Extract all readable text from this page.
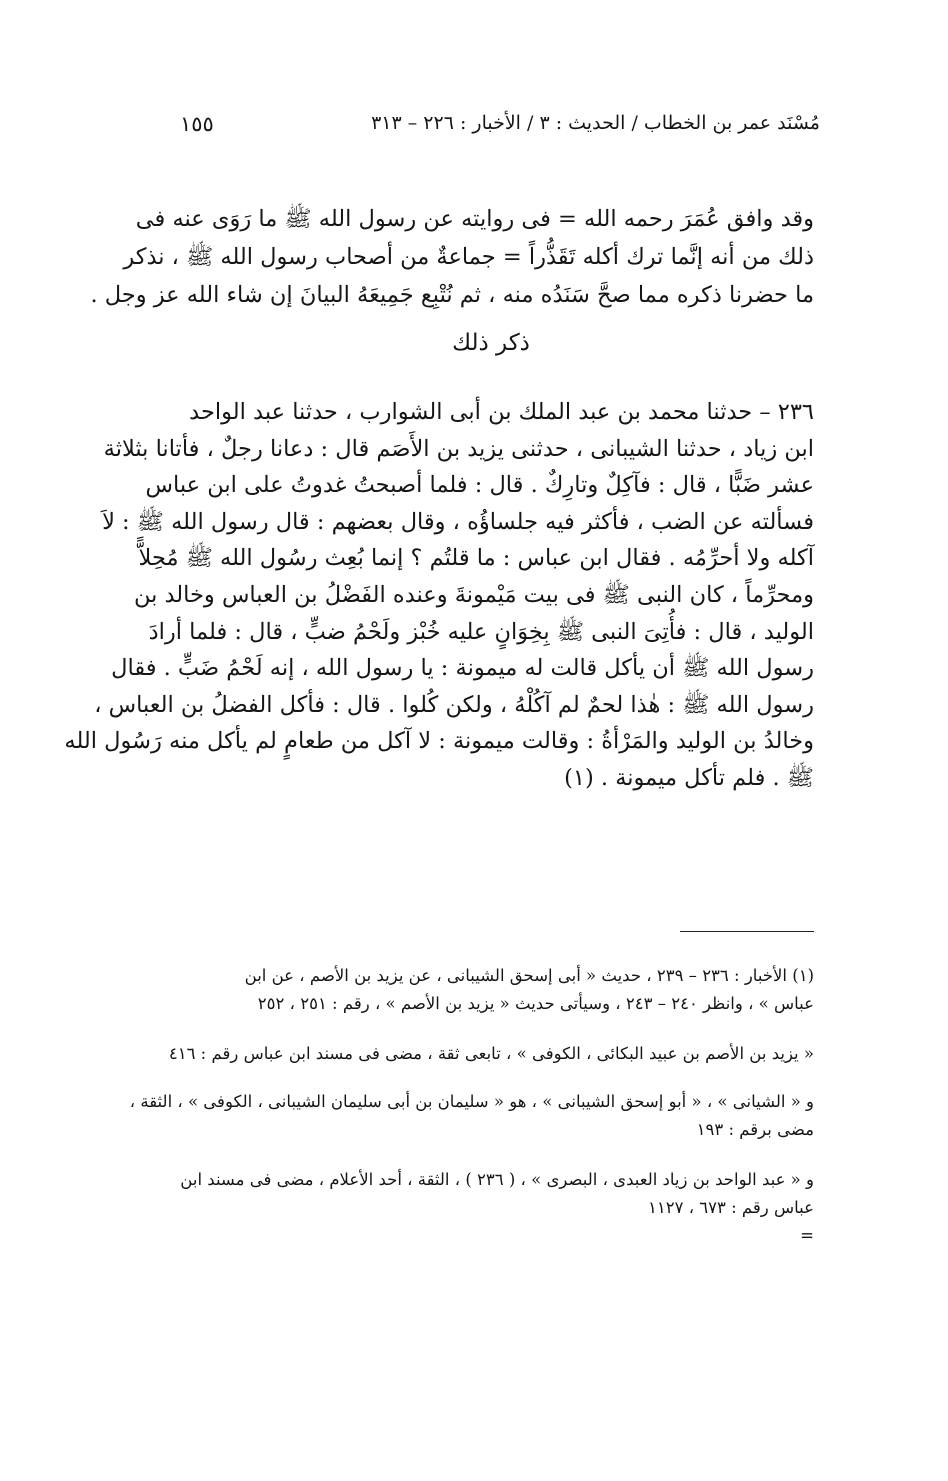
مُسْنَد عمر بن الخطاب / الحديث : ٣ / الأخبار : ٢٢٦ – ٣١٣
١٥٥
وقد وافق عُمَرَ رحمه الله = فى روايته عن رسول الله ﷺ ما رَوَى عنه فى
ذلك من أنه إنَّما ترك أكله تَقَذُّراً = جماعةٌ من أصحاب رسول الله ﷺ ، نذكر
ما حضرنا ذكره مما صحَّ سَنَدُه منه ، ثم نُتْبِع جَمِيعَهُ البيانَ إن شاء الله عز وجل .
ذكر ذلك
٢٣٦ – حدثنا محمد بن عبد الملك بن أبى الشوارب ، حدثنا عبد الواحد
ابن زياد ، حدثنا الشيبانى ، حدثنى يزيد بن الأَصَم قال : دعانا رجلٌ ، فأتانا بثلاثة
عشر ضَبًّا ، قال : فآكِلٌ وتارِكٌ . قال : فلما أصبحتُ غدوتُ على ابن عباس
فسألته عن الضب ، فأكثر فيه جلساؤُه ، وقال بعضهم : قال رسول الله ﷺ : لاَ
آكله ولا أحرِّمُه . فقال ابن عباس : ما قلتُم ؟ إنما بُعِث رسُول الله ﷺ مُحِلاًّ
ومحرِّماً ، كان النبى ﷺ فى بيت مَيْمونةَ وعنده الفَضْلُ بن العباس وخالد بن
الوليد ، قال : فأُتِىَ النبى ﷺ بِخِوَانٍ عليه خُبْز ولَحْمُ ضبٍّ ، قال : فلما أرادَ
رسول الله ﷺ أن يأكل قالت له ميمونة : يا رسول الله ، إنه لَحْمُ ضَبٍّ . فقال
رسول الله ﷺ : هٰذا لحمٌ لم آكُلْهُ ، ولكن كُلوا . قال : فأكل الفضلُ بن العباس ،
وخالدُ بن الوليد والمَرْأةُ : وقالت ميمونة : لا آكل من طعامٍ لم يأكل منه رَسُول الله
ﷺ . فلم تأكل ميمونة . (١)
(١) الأخبار : ٢٣٦ – ٢٣٩ ، حديث « أبى إسحق الشيبانى ، عن يزيد بن الأصم ، عن ابن
عباس » ، وانظر ٢٤٠ – ٢٤٣ ، وسيأتى حديث « يزيد بن الأصم » ، رقم : ٢٥١ ، ٢٥٢
« يزيد بن الأصم بن عبيد البكائى ، الكوفى » ، تابعى ثقة ، مضى فى مسند ابن عباس رقم : ٤١٦
و « الشيانى » ، « أبو إسحق الشيبانى » ، هو « سليمان بن أبى سليمان الشيبانى ، الكوفى » ، الثقة ،
مضى برقم : ١٩٣
و « عبد الواحد بن زياد العبدى ، البصرى » ، ( ٢٣٦ ) ، الثقة ، أحد الأعلام ، مضى فى مسند ابن
عباس رقم : ٦٧٣ ، ١١٢٧
=
